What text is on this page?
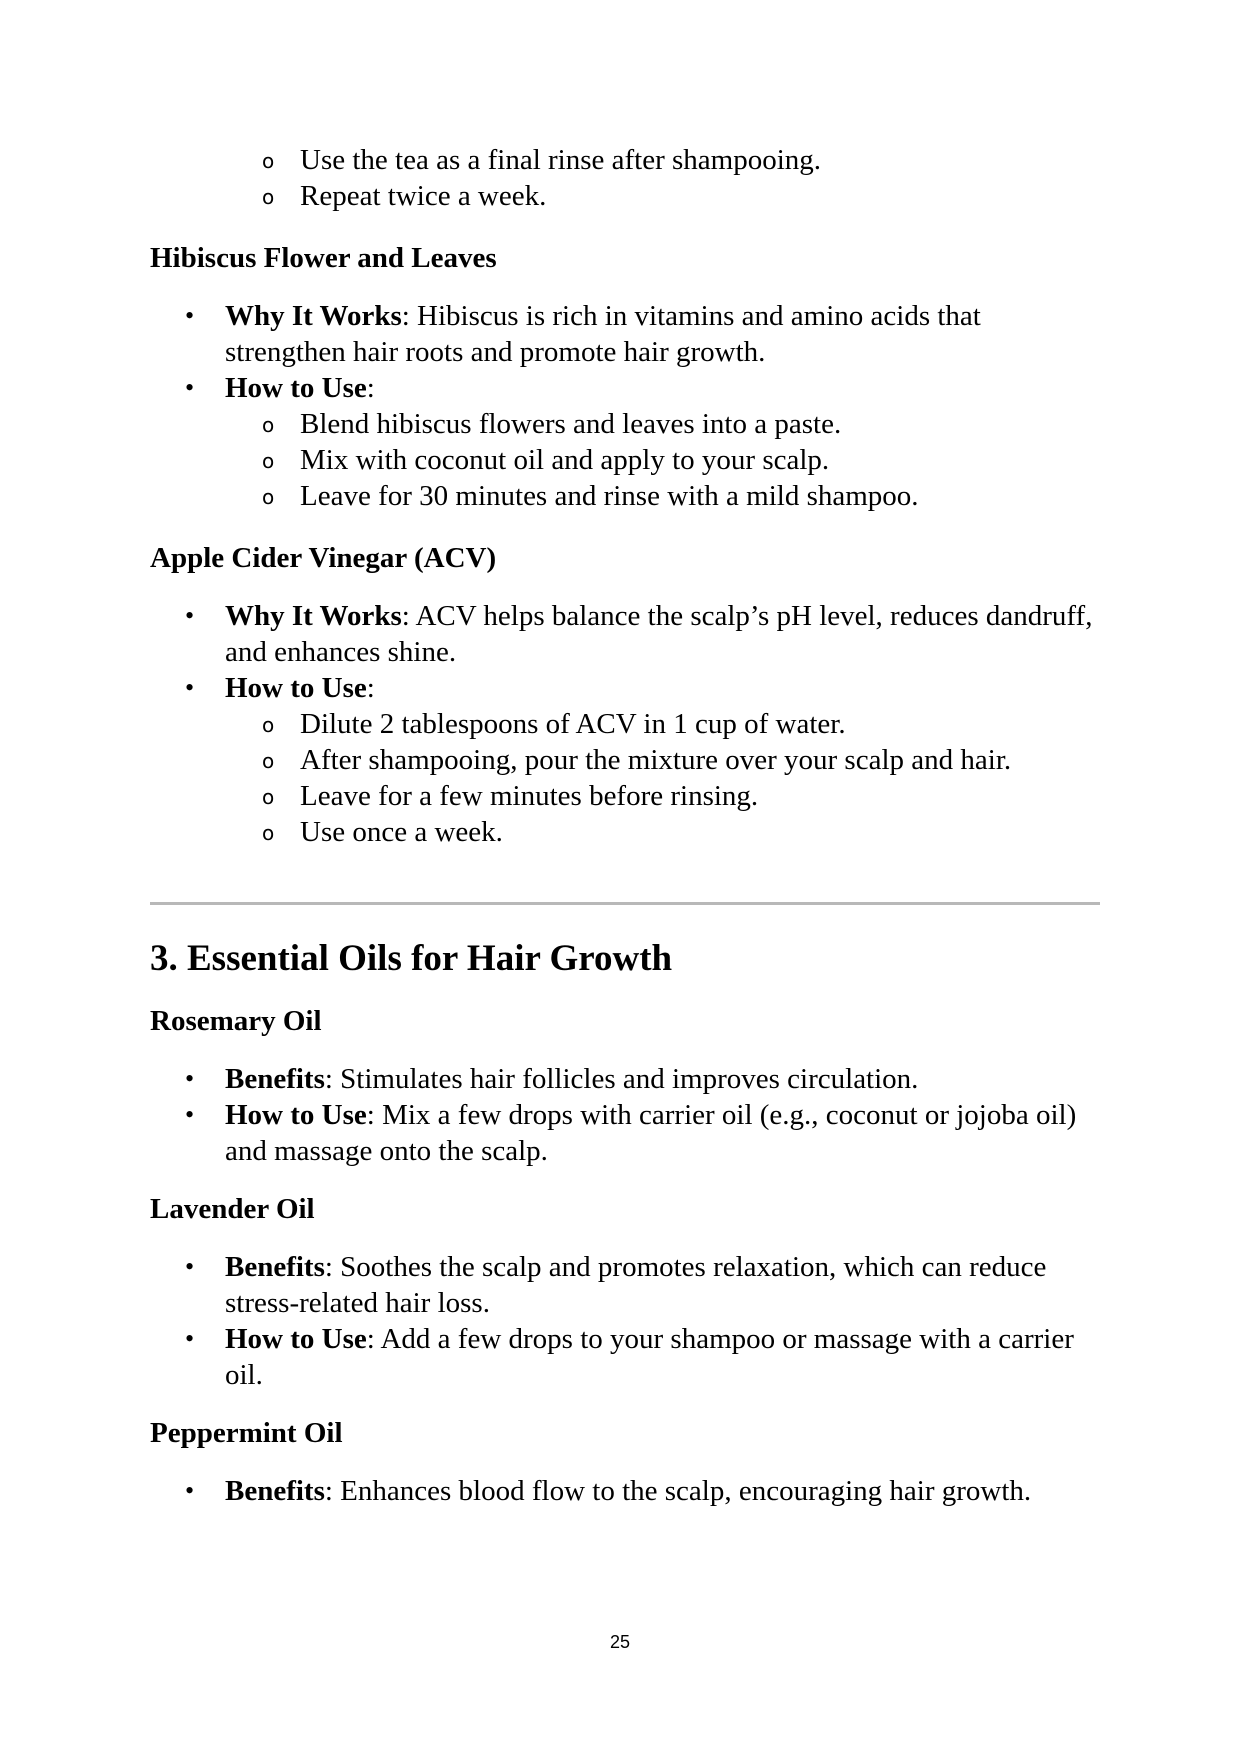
o Use the tea as a final rinse after shampooing.
o Repeat twice a week.
Hibiscus Flower and Leaves
• Why It Works: Hibiscus is rich in vitamins and amino acids that strengthen hair roots and promote hair growth.
• How to Use:
o Blend hibiscus flowers and leaves into a paste.
o Mix with coconut oil and apply to your scalp.
o Leave for 30 minutes and rinse with a mild shampoo.
Apple Cider Vinegar (ACV)
• Why It Works: ACV helps balance the scalp’s pH level, reduces dandruff, and enhances shine.
• How to Use:
o Dilute 2 tablespoons of ACV in 1 cup of water.
o After shampooing, pour the mixture over your scalp and hair.
o Leave for a few minutes before rinsing.
o Use once a week.
3. Essential Oils for Hair Growth
Rosemary Oil
• Benefits: Stimulates hair follicles and improves circulation.
• How to Use: Mix a few drops with carrier oil (e.g., coconut or jojoba oil) and massage onto the scalp.
Lavender Oil
• Benefits: Soothes the scalp and promotes relaxation, which can reduce stress-related hair loss.
• How to Use: Add a few drops to your shampoo or massage with a carrier oil.
Peppermint Oil
• Benefits: Enhances blood flow to the scalp, encouraging hair growth.
25
